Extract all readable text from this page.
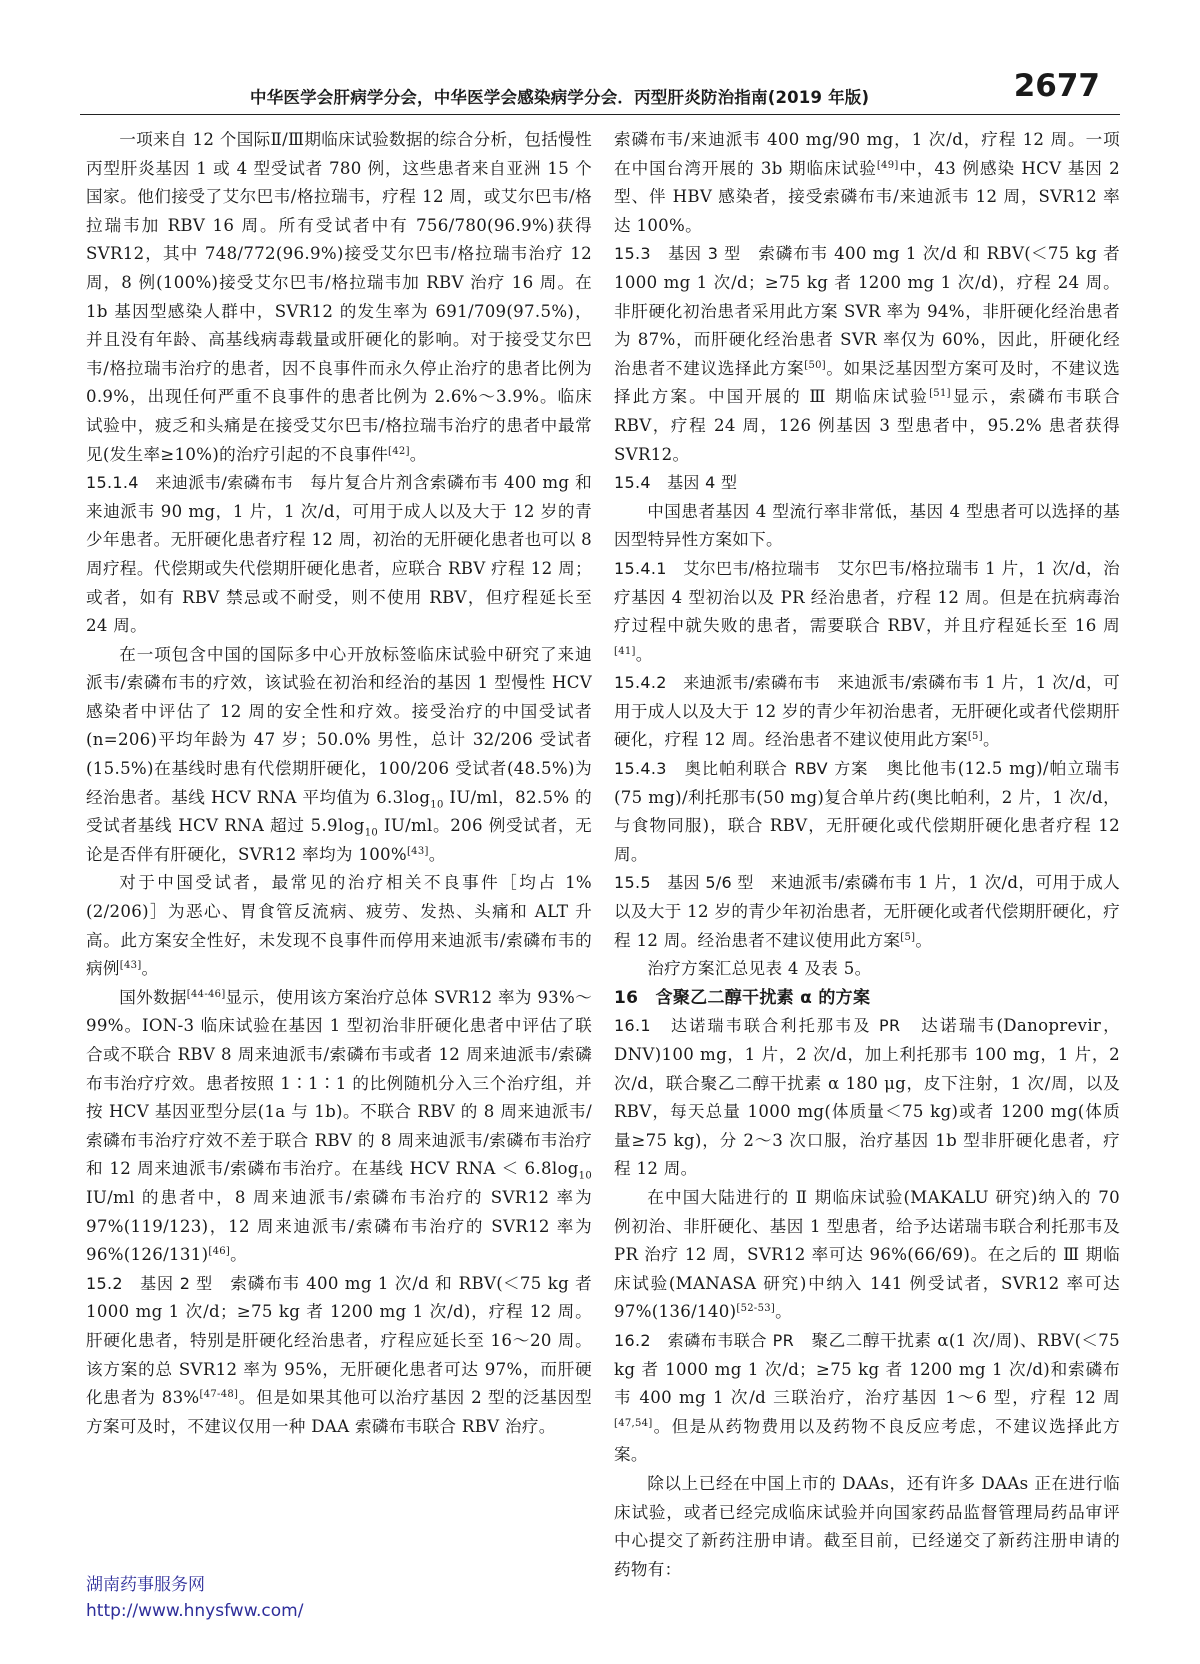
中华医学会肝病学分会，中华医学会感染病学分会．丙型肝炎防治指南(2019 年版)	2677

一项来自 12 个国际Ⅱ/Ⅲ期临床试验数据的综合分析，包括慢性丙型肝炎基因 1 或 4 型受试者 780 例，这些患者来自亚洲 15 个国家。他们接受了艾尔巴韦/格拉瑞韦，疗程 12 周，或艾尔巴韦/格拉瑞韦加 RBV 16 周。所有受试者中有 756/780(96.9%)获得 SVR12，其中 748/772(96.9%)接受艾尔巴韦/格拉瑞韦治疗 12 周，8 例(100%)接受艾尔巴韦/格拉瑞韦加 RBV 治疗 16 周。在 1b 基因型感染人群中，SVR12 的发生率为 691/709(97.5%)，并且没有年龄、高基线病毒载量或肝硬化的影响。对于接受艾尔巴韦/格拉瑞韦治疗的患者，因不良事件而永久停止治疗的患者比例为 0.9%，出现任何严重不良事件的患者比例为 2.6%～3.9%。临床试验中，疲乏和头痛是在接受艾尔巴韦/格拉瑞韦治疗的患者中最常见(发生率≥10%)的治疗引起的不良事件[42]。

15.1.4　来迪派韦/索磷布韦　每片复合片剂含索磷布韦 400 mg 和来迪派韦 90 mg，1 片，1 次/d，可用于成人以及大于 12 岁的青少年患者。无肝硬化患者疗程 12 周，初治的无肝硬化患者也可以 8 周疗程。代偿期或失代偿期肝硬化患者，应联合 RBV 疗程 12 周；或者，如有 RBV 禁忌或不耐受，则不使用 RBV，但疗程延长至 24 周。

在一项包含中国的国际多中心开放标签临床试验中研究了来迪派韦/索磷布韦的疗效，该试验在初治和经治的基因 1 型慢性 HCV 感染者中评估了 12 周的安全性和疗效。接受治疗的中国受试者(n=206)平均年龄为 47 岁；50.0% 男性，总计 32/206 受试者(15.5%)在基线时患有代偿期肝硬化，100/206 受试者(48.5%)为经治患者。基线 HCV RNA 平均值为 $6.3\log_{10}$ IU/ml，82.5% 的受试者基线 HCV RNA 超过 $5.9\log_{10}$ IU/ml。206 例受试者，无论是否伴有肝硬化，SVR12 率均为 100%[43]。

对于中国受试者，最常见的治疗相关不良事件［均占 1%(2/206)］为恶心、胃食管反流病、疲劳、发热、头痛和 ALT 升高。此方案安全性好，未发现不良事件而停用来迪派韦/索磷布韦的病例[43]。

国外数据[44-46]显示，使用该方案治疗总体 SVR12 率为 93%～99%。ION-3 临床试验在基因 1 型初治非肝硬化患者中评估了联合或不联合 RBV 8 周来迪派韦/索磷布韦或者 12 周来迪派韦/索磷布韦治疗疗效。患者按照 1∶1∶1 的比例随机分入三个治疗组，并按 HCV 基因亚型分层(1a 与 1b)。不联合 RBV 的 8 周来迪派韦/索磷布韦治疗疗效不差于联合 RBV 的 8 周来迪派韦/索磷布韦治疗和 12 周来迪派韦/索磷布韦治疗。在基线 HCV RNA ＜ $6.8\log_{10}$ IU/ml 的患者中，8 周来迪派韦/索磷布韦治疗的 SVR12 率为 97%(119/123)，12 周来迪派韦/索磷布韦治疗的 SVR12 率为 96%(126/131)[46]。

15.2　基因 2 型　索磷布韦 400 mg 1 次/d 和 RBV(＜75 kg 者 1000 mg 1 次/d；≥75 kg 者 1200 mg 1 次/d)，疗程 12 周。肝硬化患者，特别是肝硬化经治患者，疗程应延长至 16～20 周。该方案的总 SVR12 率为 95%，无肝硬化患者可达 97%，而肝硬化患者为 83%[47-48]。但是如果其他可以治疗基因 2 型的泛基因型方案可及时，不建议仅用一种 DAA 索磷布韦联合 RBV 治疗。

索磷布韦/来迪派韦 400 mg/90 mg，1 次/d，疗程 12 周。一项在中国台湾开展的 3b 期临床试验[49]中，43 例感染 HCV 基因 2 型、伴 HBV 感染者，接受索磷布韦/来迪派韦 12 周，SVR12 率达 100%。

15.3　基因 3 型　索磷布韦 400 mg 1 次/d 和 RBV(＜75 kg 者 1000 mg 1 次/d；≥75 kg 者 1200 mg 1 次/d)，疗程 24 周。非肝硬化初治患者采用此方案 SVR 率为 94%，非肝硬化经治患者为 87%，而肝硬化经治患者 SVR 率仅为 60%，因此，肝硬化经治患者不建议选择此方案[50]。如果泛基因型方案可及时，不建议选择此方案。中国开展的 Ⅲ 期临床试验[51]显示，索磷布韦联合 RBV，疗程 24 周，126 例基因 3 型患者中，95.2% 患者获得 SVR12。

15.4　基因 4 型

中国患者基因 4 型流行率非常低，基因 4 型患者可以选择的基因型特异性方案如下。

15.4.1　艾尔巴韦/格拉瑞韦　艾尔巴韦/格拉瑞韦 1 片，1 次/d，治疗基因 4 型初治以及 PR 经治患者，疗程 12 周。但是在抗病毒治疗过程中就失败的患者，需要联合 RBV，并且疗程延长至 16 周[41]。

15.4.2　来迪派韦/索磷布韦　来迪派韦/索磷布韦 1 片，1 次/d，可用于成人以及大于 12 岁的青少年初治患者，无肝硬化或者代偿期肝硬化，疗程 12 周。经治患者不建议使用此方案[5]。

15.4.3　奥比帕利联合 RBV 方案　奥比他韦(12.5 mg)/帕立瑞韦(75 mg)/利托那韦(50 mg)复合单片药(奥比帕利，2 片，1 次/d，与食物同服)，联合 RBV，无肝硬化或代偿期肝硬化患者疗程 12 周。

15.5　基因 5/6 型　来迪派韦/索磷布韦 1 片，1 次/d，可用于成人以及大于 12 岁的青少年初治患者，无肝硬化或者代偿期肝硬化，疗程 12 周。经治患者不建议使用此方案[5]。

治疗方案汇总见表 4 及表 5。

16　含聚乙二醇干扰素 α 的方案

16.1　达诺瑞韦联合利托那韦及 PR　达诺瑞韦(Danoprevir，DNV)100 mg，1 片，2 次/d，加上利托那韦 100 mg，1 片，2 次/d，联合聚乙二醇干扰素 α 180 μg，皮下注射，1 次/周，以及 RBV，每天总量 1000 mg(体质量＜75 kg)或者 1200 mg(体质量≥75 kg)，分 2～3 次口服，治疗基因 1b 型非肝硬化患者，疗程 12 周。

在中国大陆进行的 Ⅱ 期临床试验(MAKALU 研究)纳入的 70 例初治、非肝硬化、基因 1 型患者，给予达诺瑞韦联合利托那韦及 PR 治疗 12 周，SVR12 率可达 96%(66/69)。在之后的 Ⅲ 期临床试验(MANASA 研究)中纳入 141 例受试者，SVR12 率可达 97%(136/140)[52-53]。

16.2　索磷布韦联合 PR　聚乙二醇干扰素 α(1 次/周)、RBV(＜75 kg 者 1000 mg 1 次/d；≥75 kg 者 1200 mg 1 次/d)和索磷布韦 400 mg 1 次/d 三联治疗，治疗基因 1～6 型，疗程 12 周[47,54]。但是从药物费用以及药物不良反应考虑，不建议选择此方案。

除以上已经在中国上市的 DAAs，还有许多 DAAs 正在进行临床试验，或者已经完成临床试验并向国家药品监督管理局药品审评中心提交了新药注册申请。截至目前，已经递交了新药注册申请的药物有：

湖南药事服务网
http://www.hnysfww.com/
